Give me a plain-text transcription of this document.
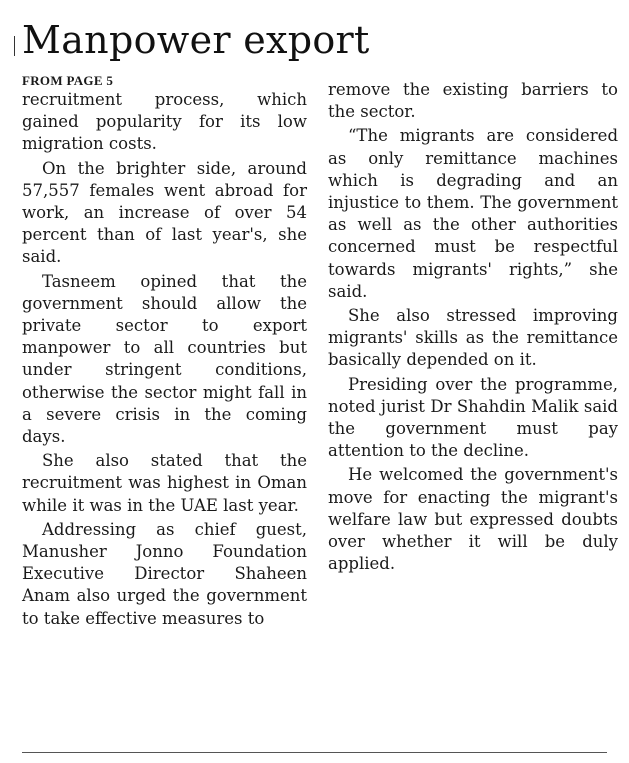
Manpower export
FROM PAGE 5

recruitment process, which gained popularity for its low migration costs.

On the brighter side, around 57,557 females went abroad for work, an increase of over 54 percent than of last year's, she said.

Tasneem opined that the government should allow the private sector to export manpower to all countries but under stringent conditions, otherwise the sector might fall in a severe crisis in the coming days.

She also stated that the recruitment was highest in Oman while it was in the UAE last year.

Addressing as chief guest, Manusher Jonno Foundation Executive Director Shaheen Anam also urged the government to take effective measures to

remove the existing barriers to the sector.

“The migrants are considered as only remittance machines which is degrading and an injustice to them. The government as well as the other authorities concerned must be respectful towards migrants' rights,” she said.

She also stressed improving migrants' skills as the remittance basically depended on it.

Presiding over the programme, noted jurist Dr Shahdin Malik said the government must pay attention to the decline.

He welcomed the government's move for enacting the migrant's welfare law but expressed doubts over whether it will be duly applied.
